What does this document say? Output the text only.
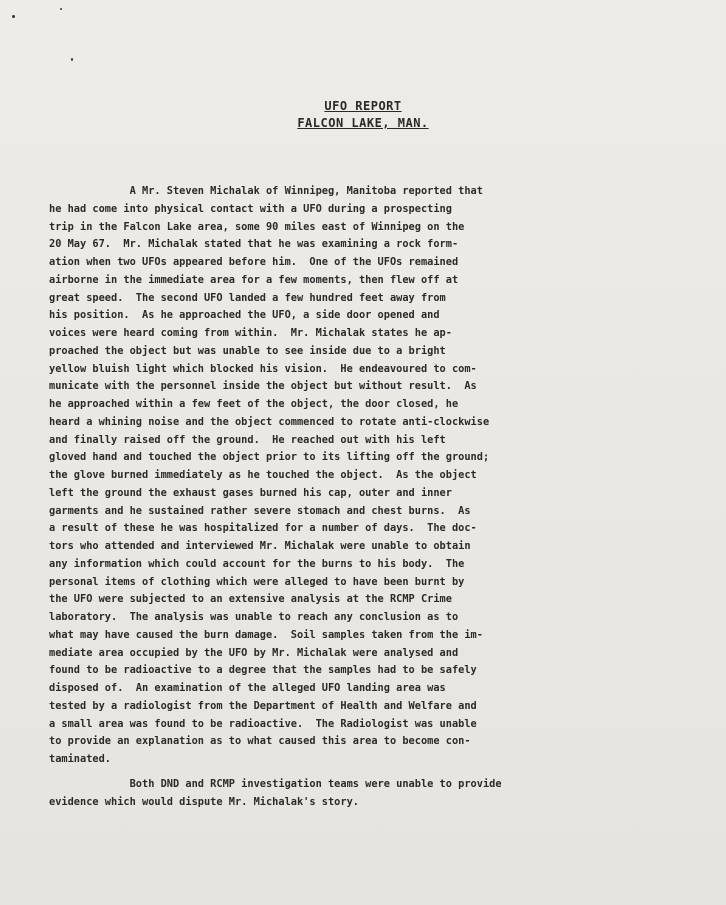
UFO REPORT
FALCON LAKE, MAN.
A Mr. Steven Michalak of Winnipeg, Manitoba reported that
he had come into physical contact with a UFO during a prospecting
trip in the Falcon Lake area, some 90 miles east of Winnipeg on the
20 May 67.  Mr. Michalak stated that he was examining a rock form-
ation when two UFOs appeared before him.  One of the UFOs remained
airborne in the immediate area for a few moments, then flew off at
great speed.  The second UFO landed a few hundred feet away from
his position.  As he approached the UFO, a side door opened and
voices were heard coming from within.  Mr. Michalak states he ap-
proached the object but was unable to see inside due to a bright
yellow bluish light which blocked his vision.  He endeavoured to com-
municate with the personnel inside the object but without result.  As
he approached within a few feet of the object, the door closed, he
heard a whining noise and the object commenced to rotate anti-clockwise
and finally raised off the ground.  He reached out with his left
gloved hand and touched the object prior to its lifting off the ground;
the glove burned immediately as he touched the object.  As the object
left the ground the exhaust gases burned his cap, outer and inner
garments and he sustained rather severe stomach and chest burns.  As
a result of these he was hospitalized for a number of days.  The doc-
tors who attended and interviewed Mr. Michalak were unable to obtain
any information which could account for the burns to his body.  The
personal items of clothing which were alleged to have been burnt by
the UFO were subjected to an extensive analysis at the RCMP Crime
laboratory.  The analysis was unable to reach any conclusion as to
what may have caused the burn damage.  Soil samples taken from the im-
mediate area occupied by the UFO by Mr. Michalak were analysed and
found to be radioactive to a degree that the samples had to be safely
disposed of.  An examination of the alleged UFO landing area was
tested by a radiologist from the Department of Health and Welfare and
a small area was found to be radioactive.  The Radiologist was unable
to provide an explanation as to what caused this area to become con-
taminated.
Both DND and RCMP investigation teams were unable to provide
evidence which would dispute Mr. Michalak's story.
